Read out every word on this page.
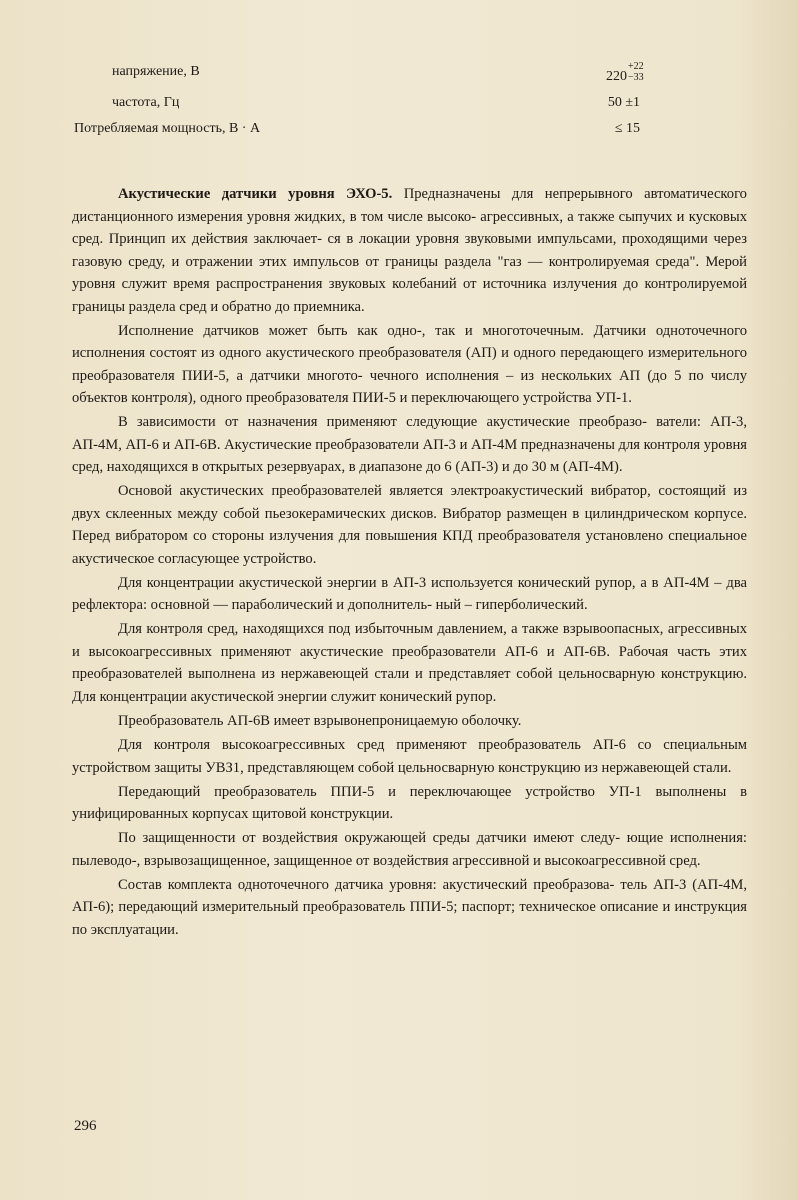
напряжение, В	220
+22
−33
частота, Гц	50 ±1
Потребляемая мощность, В · А	≤ 15

Акустические датчики уровня ЭХО-5. Предназначены для непрерывного автоматического дистанционного измерения уровня жидких, в том числе высоко- агрессивных, а также сыпучих и кусковых сред. Принцип их действия заключает- ся в локации уровня звуковыми импульсами, проходящими через газовую среду, и отражении этих импульсов от границы раздела "газ — контролируемая среда". Мерой уровня служит время распространения звуковых колебаний от источника излучения до контролируемой границы раздела сред и обратно до приемника.

Исполнение датчиков может быть как одно-, так и многоточечным. Датчики одноточечного исполнения состоят из одного акустического преобразователя (АП) и одного передающего измерительного преобразователя ПИИ-5, а датчики многото- чечного исполнения – из нескольких АП (до 5 по числу объектов контроля), одного преобразователя ПИИ-5 и переключающего устройства УП-1.

В зависимости от назначения применяют следующие акустические преобразо- ватели: АП-3, АП-4М, АП-6 и АП-6В. Акустические преобразователи АП-3 и АП-4М предназначены для контроля уровня сред, находящихся в открытых резервуарах, в диапазоне до 6 (АП-3) и до 30 м (АП-4М).

Основой акустических преобразователей является электроакустический вибратор, состоящий из двух склеенных между собой пьезокерамических дисков. Вибратор размещен в цилиндрическом корпусе. Перед вибратором со стороны излучения для повышения КПД преобразователя установлено специальное акустическое согласующее устройство.

Для концентрации акустической энергии в АП-3 используется конический рупор, а в АП-4М – два рефлектора: основной — параболический и дополнитель- ный – гиперболический.

Для контроля сред, находящихся под избыточным давлением, а также взрывоопасных, агрессивных и высокоагрессивных применяют акустические преобразователи АП-6 и АП-6В. Рабочая часть этих преобразователей выполнена из нержавеющей стали и представляет собой цельносварную конструкцию. Для концентрации акустической энергии служит конический рупор.

Преобразователь АП-6В имеет взрывонепроницаемую оболочку.

Для контроля высокоагрессивных сред применяют преобразователь АП-6 со специальным устройством защиты УВЗ1, представляющем собой цельносварную конструкцию из нержавеющей стали.

Передающий преобразователь ППИ-5 и переключающее устройство УП-1 выполнены в унифицированных корпусах щитовой конструкции.

По защищенности от воздействия окружающей среды датчики имеют следу- ющие исполнения: пылеводо-, взрывозащищенное, защищенное от воздействия агрессивной и высокоагрессивной сред.

Состав комплекта одноточечного датчика уровня: акустический преобразова- тель АП-3 (АП-4М, АП-6); передающий измерительный преобразователь ППИ-5; паспорт; техническое описание и инструкция по эксплуатации.

296
